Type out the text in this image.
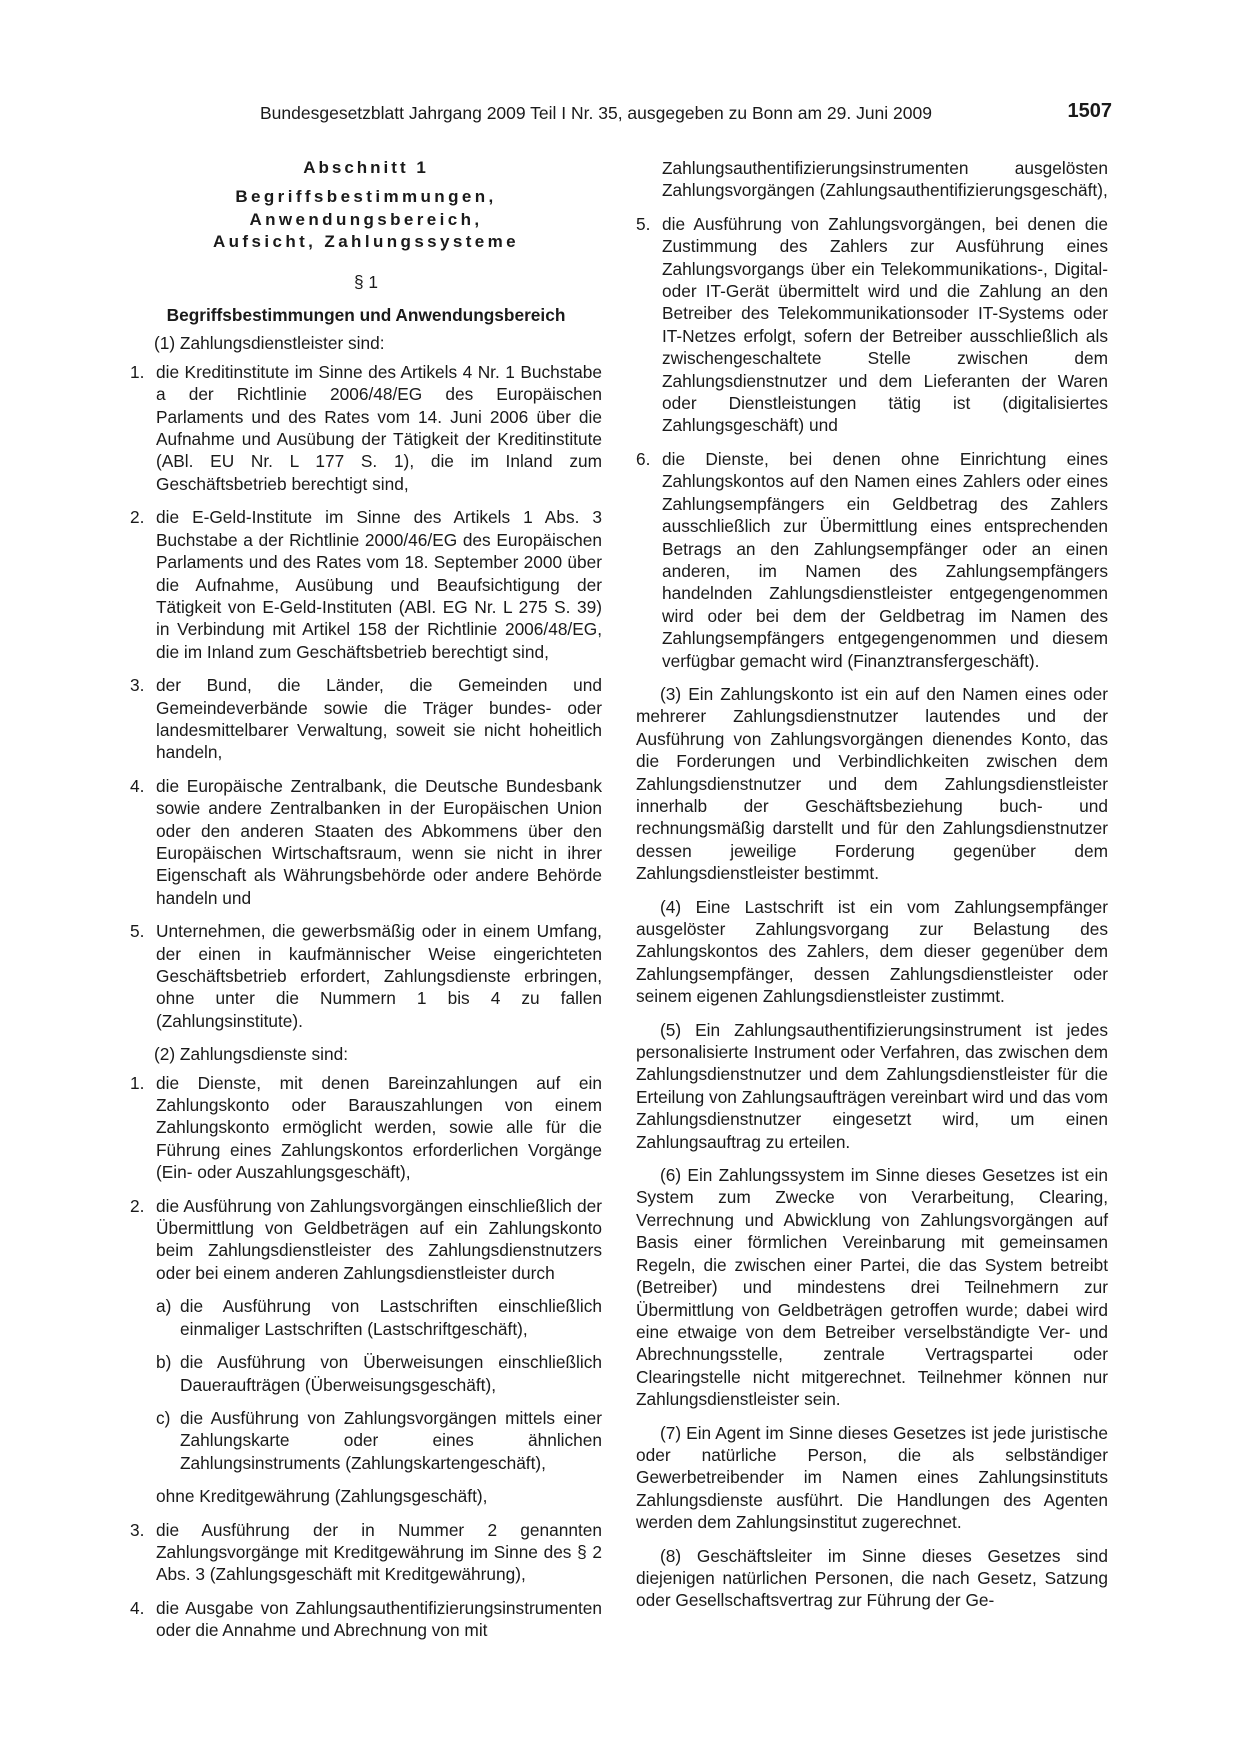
Bundesgesetzblatt Jahrgang 2009 Teil I Nr. 35, ausgegeben zu Bonn am 29. Juni 2009	1507

Abschnitt 1

Begriffsbestimmungen,

Anwendungsbereich,

Aufsicht, Zahlungssysteme

§ 1

Begriffsbestimmungen und Anwendungsbereich

(1) Zahlungsdienstleister sind:

1. die Kreditinstitute im Sinne des Artikels 4 Nr. 1 Buchstabe a der Richtlinie 2006/48/EG des Europäischen Parlaments und des Rates vom 14. Juni 2006 über die Aufnahme und Ausübung der Tätigkeit der Kreditinstitute (ABl. EU Nr. L 177 S. 1), die im Inland zum Geschäftsbetrieb berechtigt sind,
2. die E-Geld-Institute im Sinne des Artikels 1 Abs. 3 Buchstabe a der Richtlinie 2000/46/EG des Europäischen Parlaments und des Rates vom 18. September 2000 über die Aufnahme, Ausübung und Beaufsichtigung der Tätigkeit von E-Geld-Instituten (ABl. EG Nr. L 275 S. 39) in Verbindung mit Artikel 158 der Richtlinie 2006/48/EG, die im Inland zum Geschäftsbetrieb berechtigt sind,
3. der Bund, die Länder, die Gemeinden und Gemeindeverbände sowie die Träger bundes- oder landesmittelbarer Verwaltung, soweit sie nicht hoheitlich handeln,
4. die Europäische Zentralbank, die Deutsche Bundesbank sowie andere Zentralbanken in der Europäischen Union oder den anderen Staaten des Abkommens über den Europäischen Wirtschaftsraum, wenn sie nicht in ihrer Eigenschaft als Währungsbehörde oder andere Behörde handeln und
5. Unternehmen, die gewerbsmäßig oder in einem Umfang, der einen in kaufmännischer Weise eingerichteten Geschäftsbetrieb erfordert, Zahlungsdienste erbringen, ohne unter die Nummern 1 bis 4 zu fallen (Zahlungsinstitute).

(2) Zahlungsdienste sind:

1. die Dienste, mit denen Bareinzahlungen auf ein Zahlungskonto oder Barauszahlungen von einem Zahlungskonto ermöglicht werden, sowie alle für die Führung eines Zahlungskontos erforderlichen Vorgänge (Ein- oder Auszahlungsgeschäft),
2. die Ausführung von Zahlungsvorgängen einschließlich der Übermittlung von Geldbeträgen auf ein Zahlungskonto beim Zahlungsdienstleister des Zahlungsdienstnutzers oder bei einem anderen Zahlungsdienstleister durch
a) die Ausführung von Lastschriften einschließlich einmaliger Lastschriften (Lastschriftgeschäft),
b) die Ausführung von Überweisungen einschließlich Daueraufträgen (Überweisungsgeschäft),
c) die Ausführung von Zahlungsvorgängen mittels einer Zahlungskarte oder eines ähnlichen Zahlungsinstruments (Zahlungskartengeschäft),

ohne Kreditgewährung (Zahlungsgeschäft),

3. die Ausführung der in Nummer 2 genannten Zahlungsvorgänge mit Kreditgewährung im Sinne des § 2 Abs. 3 (Zahlungsgeschäft mit Kreditgewährung),
4. die Ausgabe von Zahlungsauthentifizierungsinstrumenten oder die Annahme und Abrechnung von mit

Zahlungsauthentifizierungsinstrumenten ausgelösten Zahlungsvorgängen (Zahlungsauthentifizierungsgeschäft),

5. die Ausführung von Zahlungsvorgängen, bei denen die Zustimmung des Zahlers zur Ausführung eines Zahlungsvorgangs über ein Telekommunikations-, Digital- oder IT-Gerät übermittelt wird und die Zahlung an den Betreiber des Telekommunikationsoder IT-Systems oder IT-Netzes erfolgt, sofern der Betreiber ausschließlich als zwischengeschaltete Stelle zwischen dem Zahlungsdienstnutzer und dem Lieferanten der Waren oder Dienstleistungen tätig ist (digitalisiertes Zahlungsgeschäft) und
6. die Dienste, bei denen ohne Einrichtung eines Zahlungskontos auf den Namen eines Zahlers oder eines Zahlungsempfängers ein Geldbetrag des Zahlers ausschließlich zur Übermittlung eines entsprechenden Betrags an den Zahlungsempfänger oder an einen anderen, im Namen des Zahlungsempfängers handelnden Zahlungsdienstleister entgegengenommen wird oder bei dem der Geldbetrag im Namen des Zahlungsempfängers entgegengenommen und diesem verfügbar gemacht wird (Finanztransfergeschäft).

(3) Ein Zahlungskonto ist ein auf den Namen eines oder mehrerer Zahlungsdienstnutzer lautendes und der Ausführung von Zahlungsvorgängen dienendes Konto, das die Forderungen und Verbindlichkeiten zwischen dem Zahlungsdienstnutzer und dem Zahlungsdienstleister innerhalb der Geschäftsbeziehung buch- und rechnungsmäßig darstellt und für den Zahlungsdienstnutzer dessen jeweilige Forderung gegenüber dem Zahlungsdienstleister bestimmt.

(4) Eine Lastschrift ist ein vom Zahlungsempfänger ausgelöster Zahlungsvorgang zur Belastung des Zahlungskontos des Zahlers, dem dieser gegenüber dem Zahlungsempfänger, dessen Zahlungsdienstleister oder seinem eigenen Zahlungsdienstleister zustimmt.

(5) Ein Zahlungsauthentifizierungsinstrument ist jedes personalisierte Instrument oder Verfahren, das zwischen dem Zahlungsdienstnutzer und dem Zahlungsdienstleister für die Erteilung von Zahlungsaufträgen vereinbart wird und das vom Zahlungsdienstnutzer eingesetzt wird, um einen Zahlungsauftrag zu erteilen.

(6) Ein Zahlungssystem im Sinne dieses Gesetzes ist ein System zum Zwecke von Verarbeitung, Clearing, Verrechnung und Abwicklung von Zahlungsvorgängen auf Basis einer förmlichen Vereinbarung mit gemeinsamen Regeln, die zwischen einer Partei, die das System betreibt (Betreiber) und mindestens drei Teilnehmern zur Übermittlung von Geldbeträgen getroffen wurde; dabei wird eine etwaige von dem Betreiber verselbständigte Ver- und Abrechnungsstelle, zentrale Vertragspartei oder Clearingstelle nicht mitgerechnet. Teilnehmer können nur Zahlungsdienstleister sein.

(7) Ein Agent im Sinne dieses Gesetzes ist jede juristische oder natürliche Person, die als selbständiger Gewerbetreibender im Namen eines Zahlungsinstituts Zahlungsdienste ausführt. Die Handlungen des Agenten werden dem Zahlungsinstitut zugerechnet.

(8) Geschäftsleiter im Sinne dieses Gesetzes sind diejenigen natürlichen Personen, die nach Gesetz, Satzung oder Gesellschaftsvertrag zur Führung der Ge-
